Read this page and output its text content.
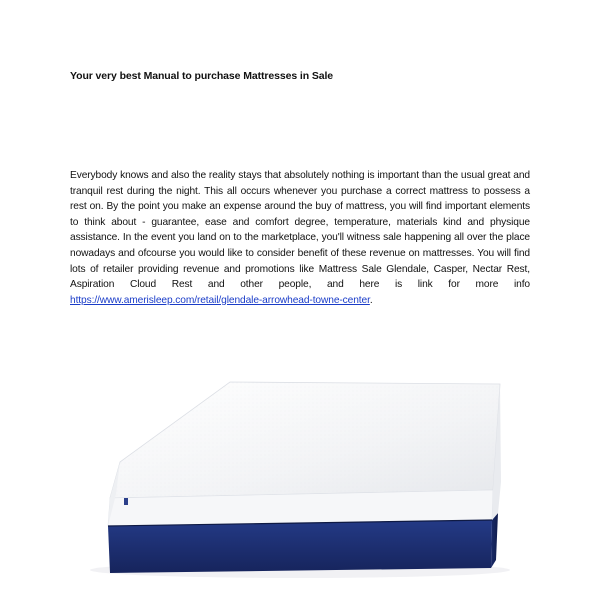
Your very best Manual to purchase Mattresses in Sale
Everybody knows and also the reality stays that absolutely nothing is important than the usual great and tranquil rest during the night. This all occurs whenever you purchase a correct mattress to possess a rest on. By the point you make an expense around the buy of mattress, you will find important elements to think about - guarantee, ease and comfort degree, temperature, materials kind and physique assistance. In the event you land on to the marketplace, you'll witness sale happening all over the place nowadays and ofcourse you would like to consider benefit of these revenue on mattresses. You will find lots of retailer providing revenue and promotions like Mattress Sale Glendale, Casper, Nectar Rest, Aspiration Cloud Rest and other people, and here is link for more info https://www.amerisleep.com/retail/glendale-arrowhead-towne-center.
